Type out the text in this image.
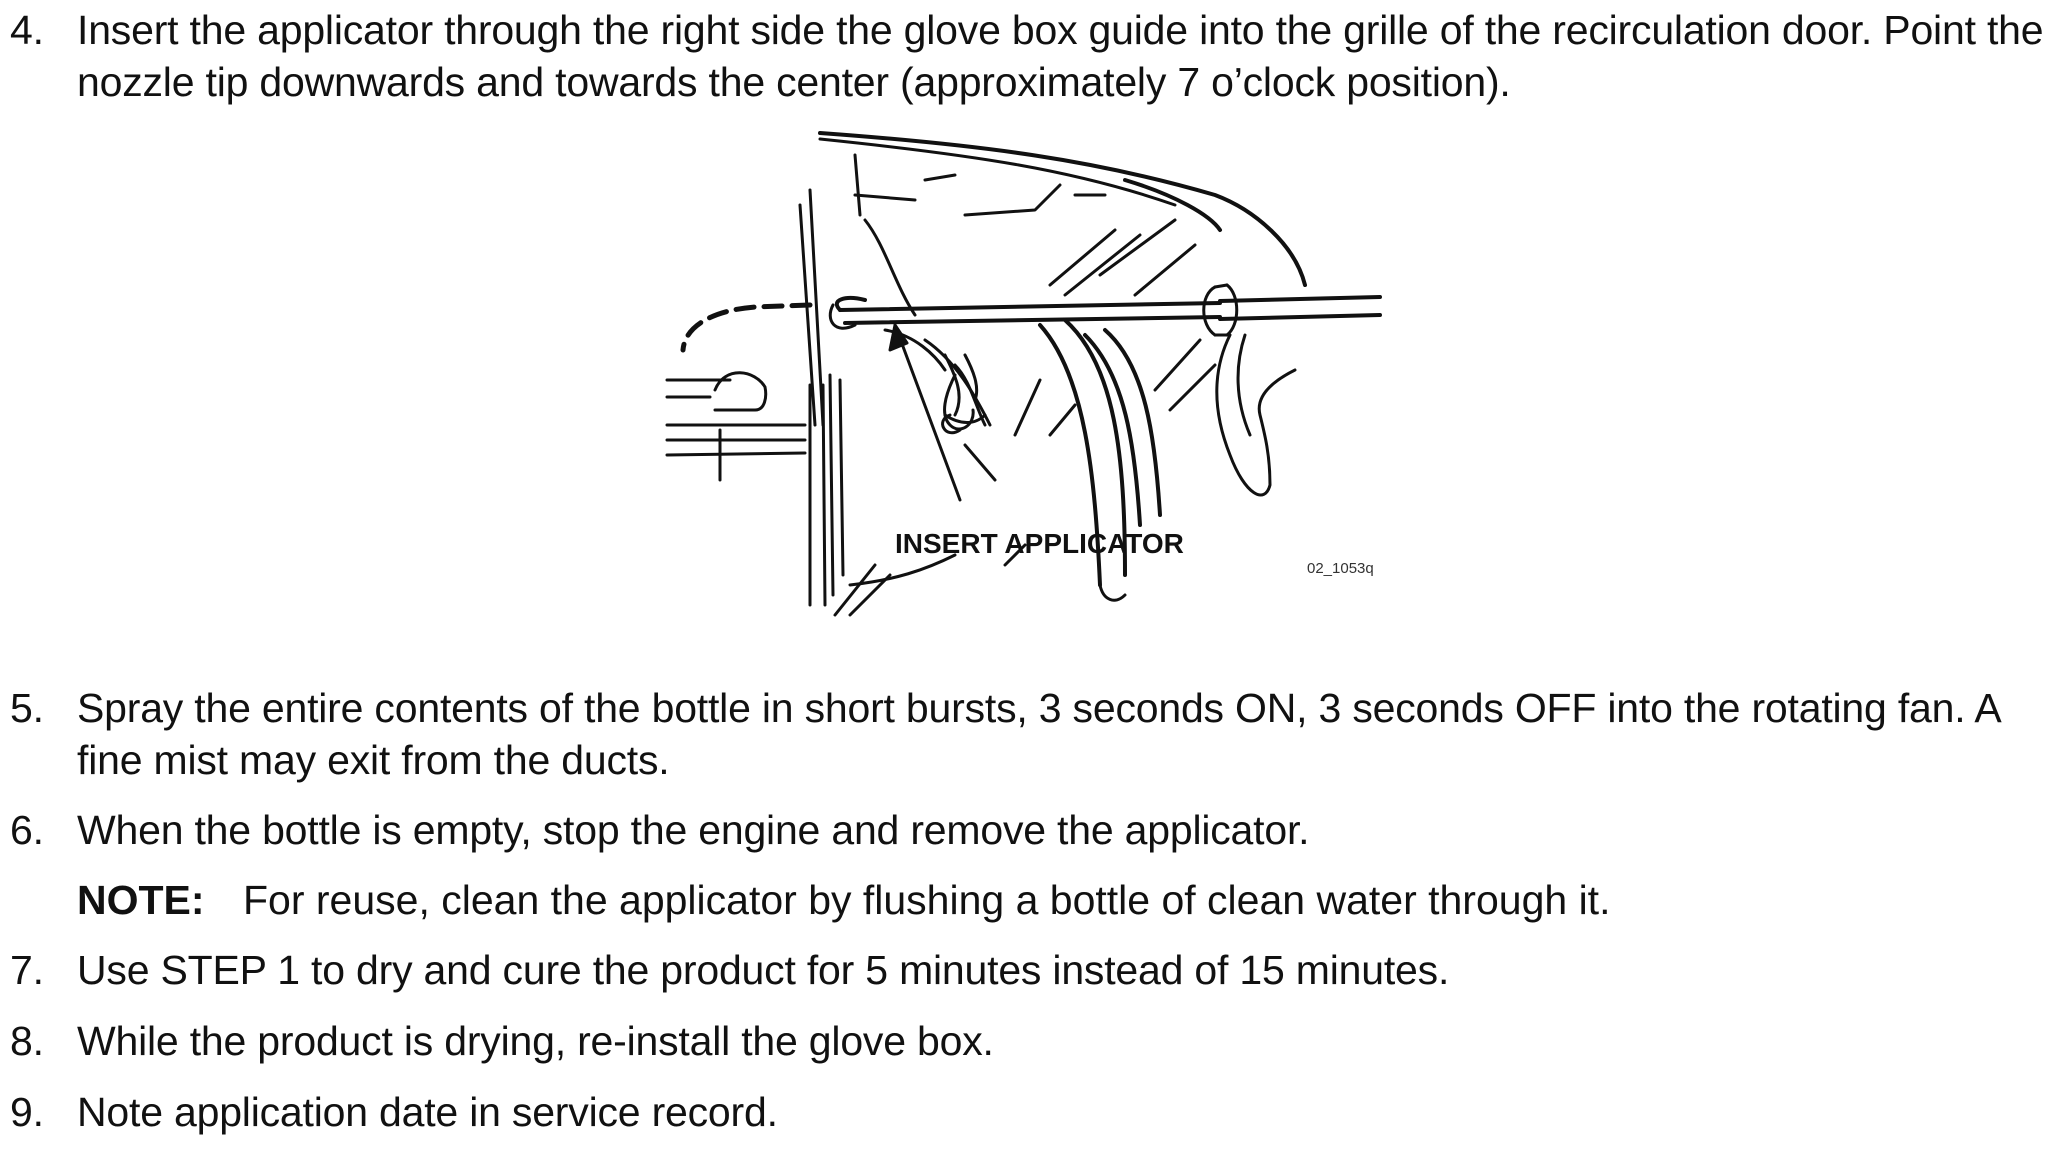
4. Insert the applicator through the right side the glove box guide into the grille of the recirculation door. Point the nozzle tip downwards and towards the center (approximately 7 o’clock position).
INSERT APPLICATOR
02_1053q
5. Spray the entire contents of the bottle in short bursts, 3 seconds ON, 3 seconds OFF into the rotating fan. A fine mist may exit from the ducts.
6. When the bottle is empty, stop the engine and remove the applicator.
NOTE: For reuse, clean the applicator by flushing a bottle of clean water through it.
7. Use STEP 1 to dry and cure the product for 5 minutes instead of 15 minutes.
8. While the product is drying, re-install the glove box.
9. Note application date in service record.
